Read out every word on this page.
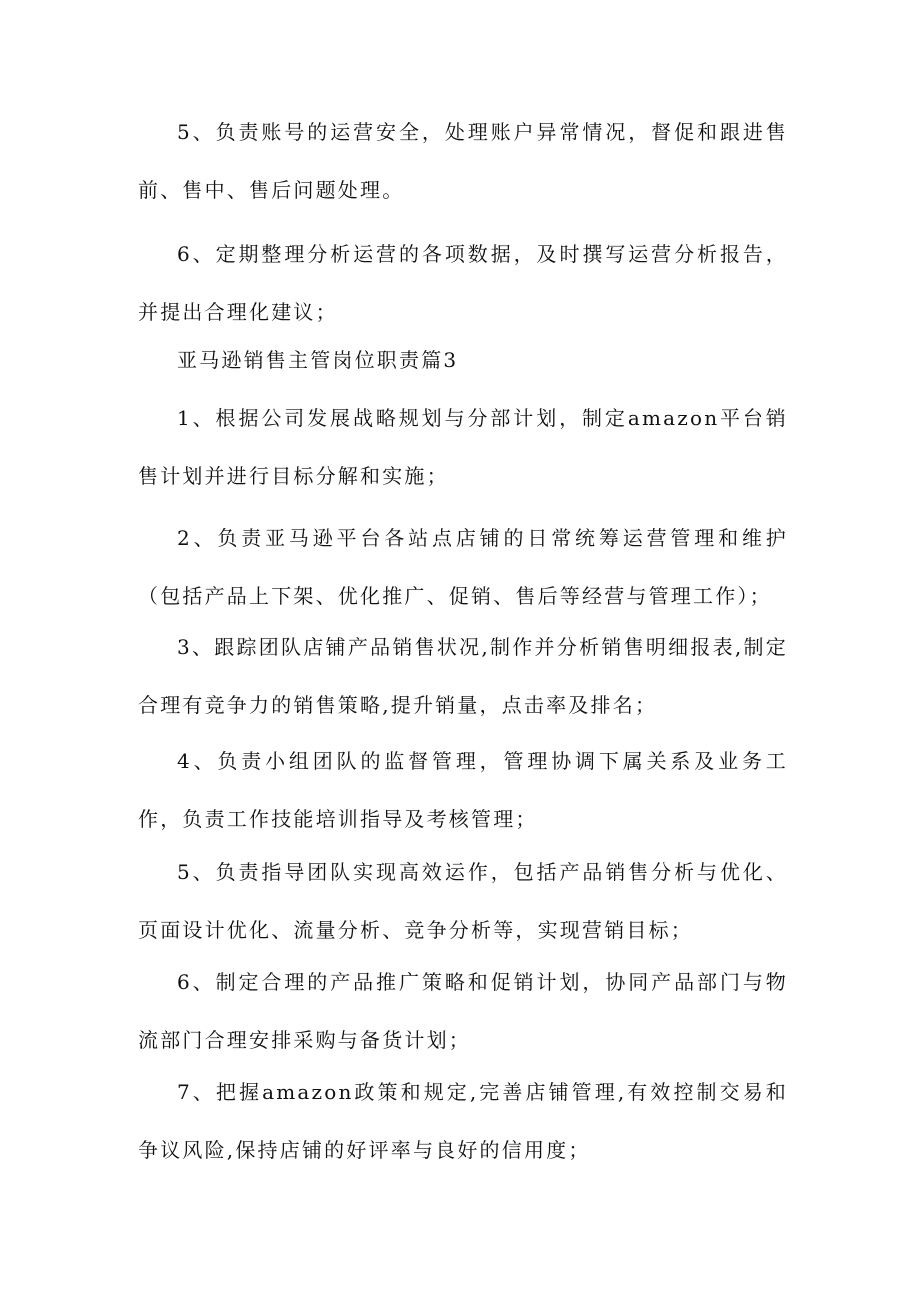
5、负责账号的运营安全，处理账户异常情况，督促和跟进售前、售中、售后问题处理。

6、定期整理分析运营的各项数据，及时撰写运营分析报告，并提出合理化建议；

亚马逊销售主管岗位职责篇3

1、根据公司发展战略规划与分部计划，制定amazon平台销售计划并进行目标分解和实施；

2、负责亚马逊平台各站点店铺的日常统筹运营管理和维护（包括产品上下架、优化推广、促销、售后等经营与管理工作）；

3、跟踪团队店铺产品销售状况,制作并分析销售明细报表,制定合理有竞争力的销售策略,提升销量，点击率及排名；

4、负责小组团队的监督管理，管理协调下属关系及业务工作，负责工作技能培训指导及考核管理；

5、负责指导团队实现高效运作，包括产品销售分析与优化、页面设计优化、流量分析、竞争分析等，实现营销目标；

6、制定合理的产品推广策略和促销计划，协同产品部门与物流部门合理安排采购与备货计划；

7、把握amazon政策和规定,完善店铺管理,有效控制交易和争议风险,保持店铺的好评率与良好的信用度；
